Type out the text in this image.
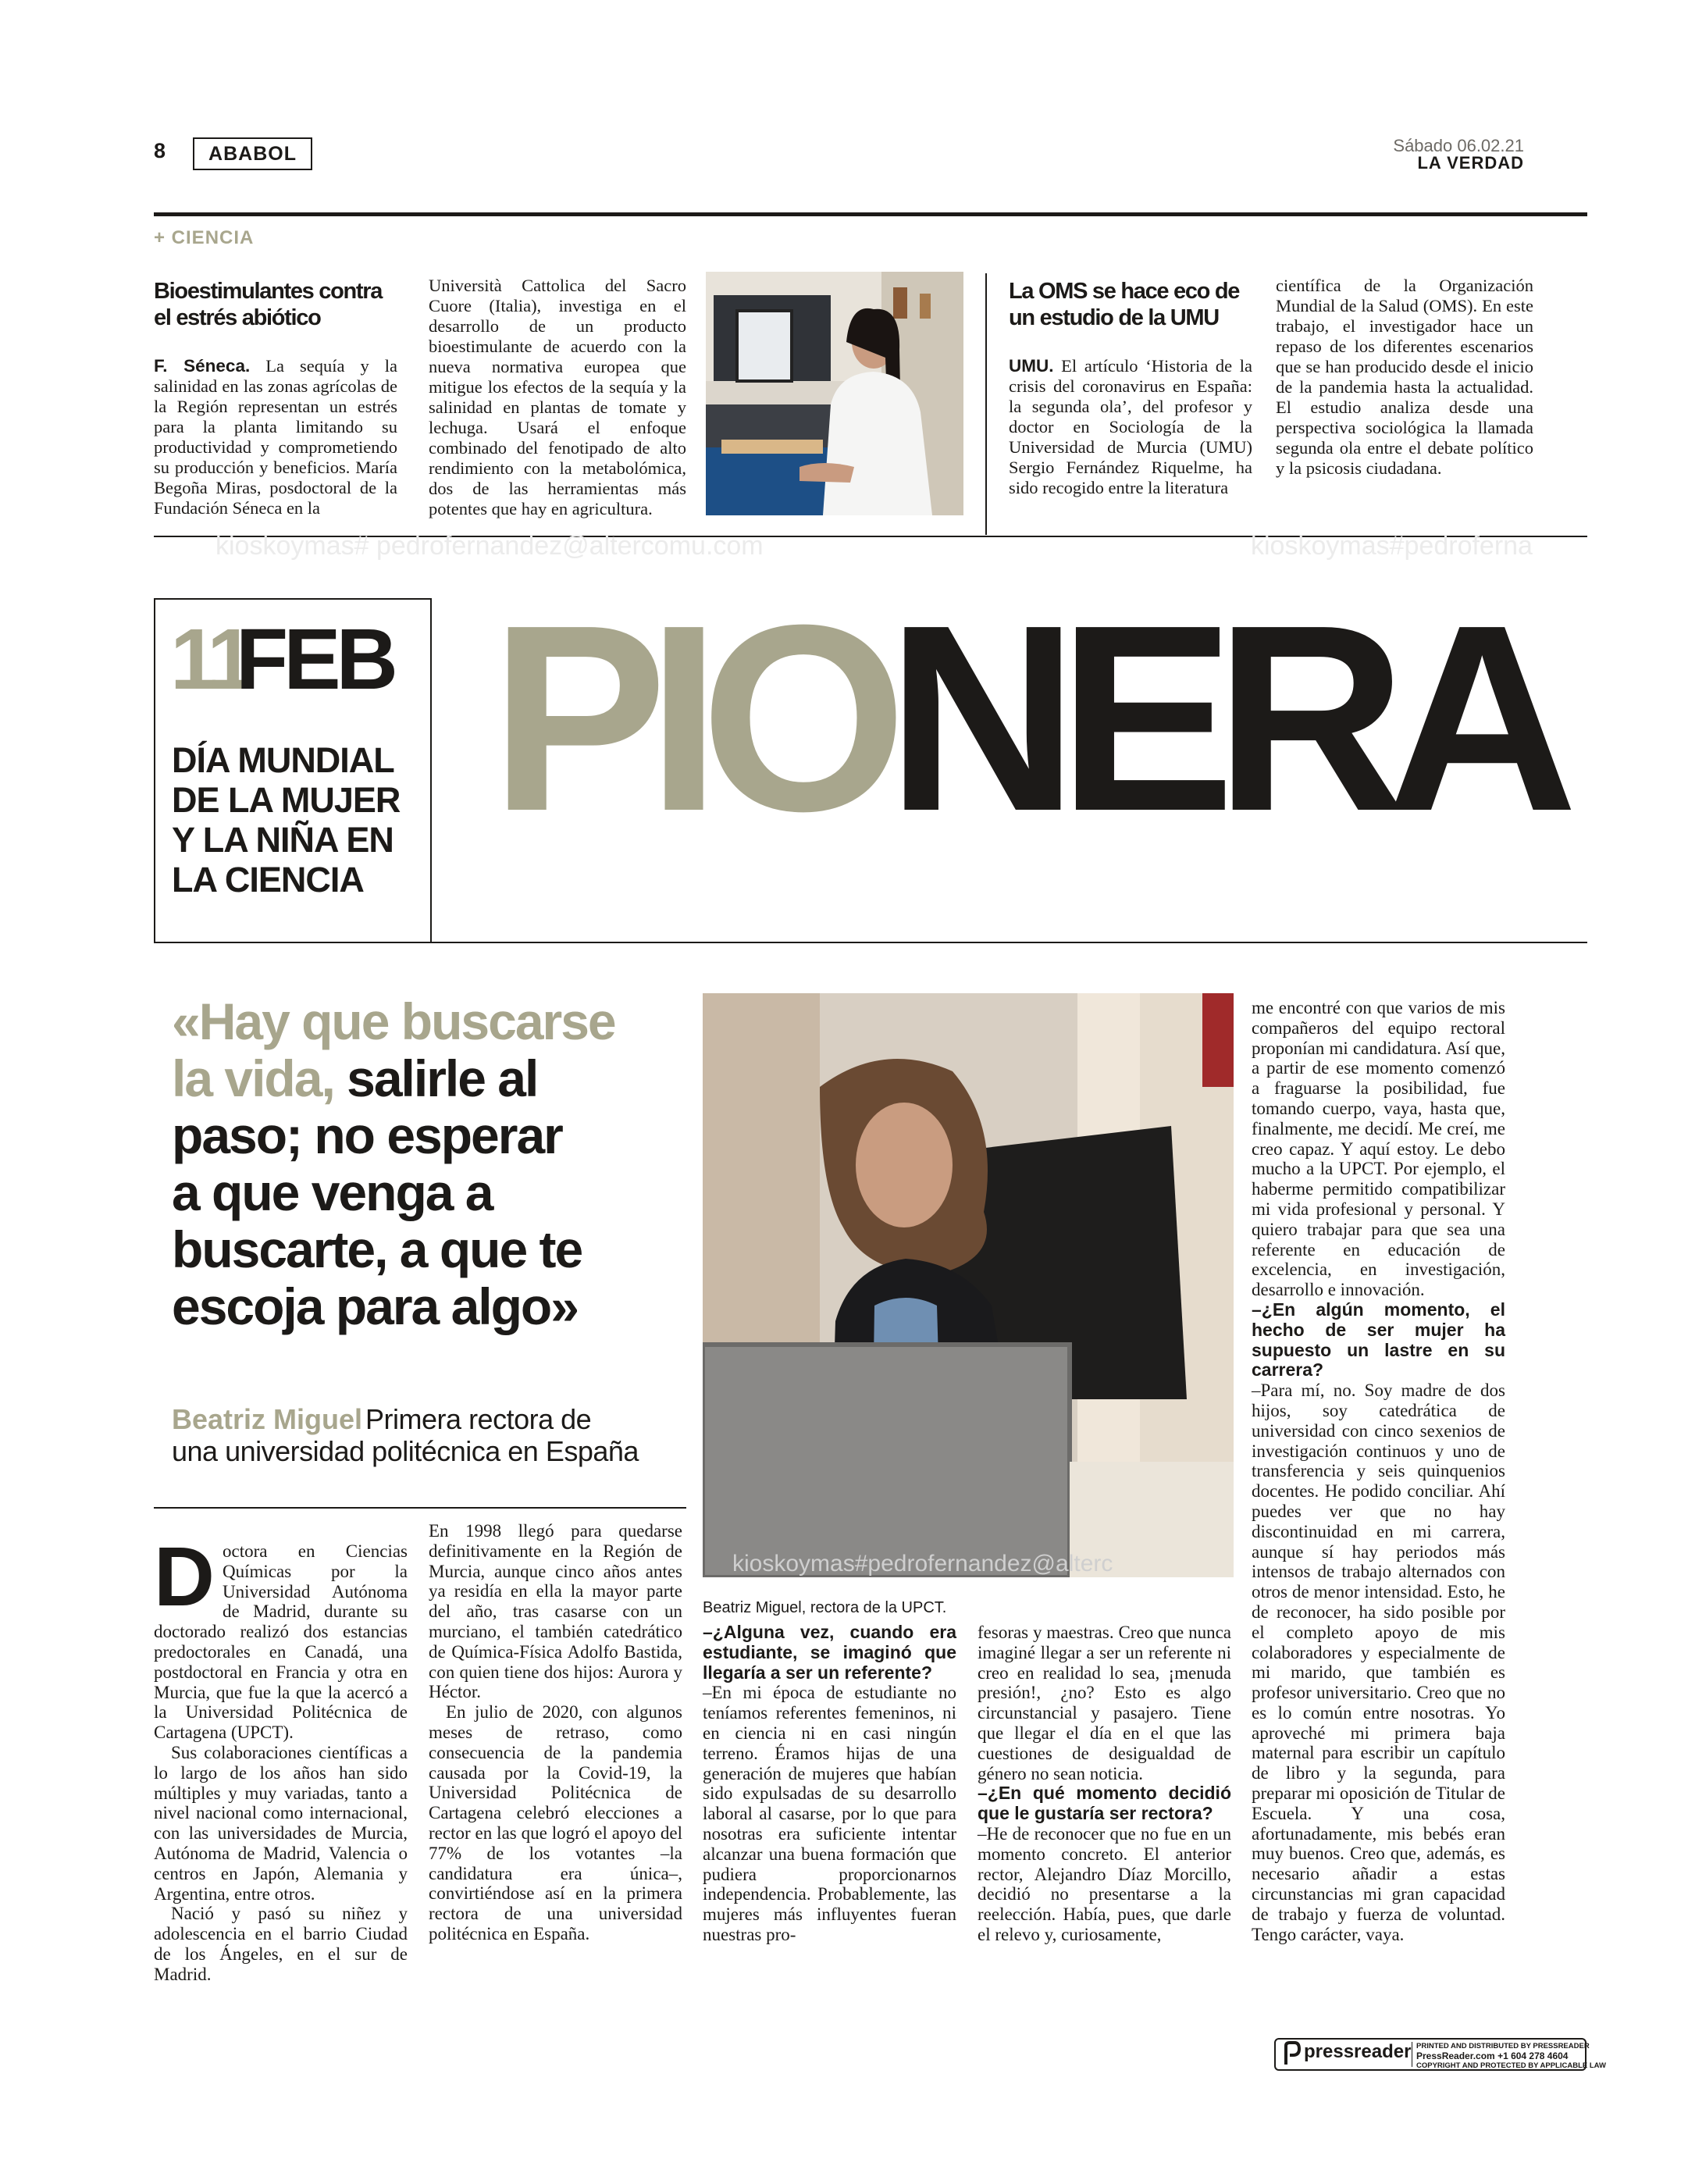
8	ABABOL	Sábado 06.02.21
LA VERDAD
+ CIENCIA
Bioestimulantes contra
el estrés abiótico
F. Séneca. La sequía y la salinidad en las zonas agrícolas de la Región representan un estrés para la planta limitando su productividad y comprometiendo su producción y beneficios. María Begoña Miras, posdoctoral de la Fundación Séneca en la
Università Cattolica del Sacro Cuore (Italia), investiga en el desarrollo de un producto bioestimulante de acuerdo con la nueva normativa europea que mitigue los efectos de la sequía y la salinidad en plantas de tomate y lechuga. Usará el enfoque combinado del fenotipado de alto rendimiento con la metabolómica, dos de las herramientas más potentes que hay en agricultura.
La OMS se hace eco de
un estudio de la UMU
UMU. El artículo ‘Historia de la crisis del coronavirus en España: la segunda ola’, del profesor y doctor en Sociología de la Universidad de Murcia (UMU) Sergio Fernández Riquelme, ha sido recogido entre la literatura
científica de la Organización Mundial de la Salud (OMS). En este trabajo, el investigador hace un repaso de los diferentes escenarios que se han producido desde el inicio de la pandemia hasta la actualidad. El estudio analiza desde una perspectiva sociológica la llamada segunda ola entre el debate político y la psicosis ciudadana.
kioskoymas# pedrofernandez@altercomu.com	kioskoymas#pedroferna
11
FEB
DÍA MUNDIAL
DE LA MUJER
Y LA NIÑA EN
LA CIENCIA
PIONERA
«Hay que buscarse
la vida, salirle al
paso; no esperar
a que venga a
buscarte, a que te
escoja para algo»
Beatriz Miguel Primera rectora de
una universidad politécnica en España
kioskoymas#pedrofernandez@alterc
Beatriz Miguel, rectora de la UPCT.

Doctora en Ciencias Químicas por la Universidad Autónoma de Madrid, durante su doctorado realizó dos estancias predoctorales en Canadá, una postdoctoral en Francia y otra en Murcia, que fue la que la acercó a la Universidad Politécnica de Cartagena (UPCT).

Sus colaboraciones científicas a lo largo de los años han sido múltiples y muy variadas, tanto a nivel nacional como internacional, con las universidades de Murcia, Autónoma de Madrid, Valencia o centros en Japón, Alemania y Argentina, entre otros.

Nació y pasó su niñez y adolescencia en el barrio Ciudad de los Ángeles, en el sur de Madrid.

En 1998 llegó para quedarse definitivamente en la Región de Murcia, aunque cinco años antes ya residía en ella la mayor parte del año, tras casarse con un murciano, el también catedrático de Química-Física Adolfo Bastida, con quien tiene dos hijos: Aurora y Héctor.

En julio de 2020, con algunos meses de retraso, como consecuencia de la pandemia causada por la Covid-19, la Universidad Politécnica de Cartagena celebró elecciones a rector en las que logró el apoyo del 77% de los votantes –la candidatura era única–, convirtiéndose así en la primera rectora de una universidad politécnica en España.

–¿Alguna vez, cuando era estudiante, se imaginó que llegaría a ser un referente?

–En mi época de estudiante no teníamos referentes femeninos, ni en ciencia ni en casi ningún terreno. Éramos hijas de una generación de mujeres que habían sido expulsadas de su desarrollo laboral al casarse, por lo que para nosotras era suficiente intentar alcanzar una buena formación que pudiera proporcionarnos independencia. Probablemente, las mujeres más influyentes fueran nuestras pro-

fesoras y maestras. Creo que nunca imaginé llegar a ser un referente ni creo en realidad lo sea, ¡menuda presión!, ¿no? Esto es algo circunstancial y pasajero. Tiene que llegar el día en el que las cuestiones de desigualdad de género no sean noticia.

–¿En qué momento decidió que le gustaría ser rectora?

–He de reconocer que no fue en un momento concreto. El anterior rector, Alejandro Díaz Morcillo, decidió no presentarse a la reelección. Había, pues, que darle el relevo y, curiosamente,

me encontré con que varios de mis compañeros del equipo rectoral proponían mi candidatura. Así que, a partir de ese momento comenzó a fraguarse la posibilidad, fue tomando cuerpo, vaya, hasta que, finalmente, me decidí. Me creí, me creo capaz. Y aquí estoy. Le debo mucho a la UPCT. Por ejemplo, el haberme permitido compatibilizar mi vida profesional y personal. Y quiero trabajar para que sea una referente en educación de excelencia, en investigación, desarrollo e innovación.

–¿En algún momento, el hecho de ser mujer ha supuesto un lastre en su carrera?

–Para mí, no. Soy madre de dos hijos, soy catedrática de universidad con cinco sexenios de investigación continuos y uno de transferencia y seis quinquenios docentes. He podido conciliar. Ahí puedes ver que no hay discontinuidad en mi carrera, aunque sí hay periodos más intensos de trabajo alternados con otros de menor intensidad. Esto, he de reconocer, ha sido posible por el completo apoyo de mis colaboradores y especialmente de mi marido, que también es profesor universitario. Creo que no es lo común entre nosotras. Yo aproveché mi primera baja maternal para escribir un capítulo de libro y la segunda, para preparar mi oposición de Titular de Escuela. Y una cosa, afortunadamente, mis bebés eran muy buenos. Creo que, además, es necesario añadir a estas circunstancias mi gran capacidad de trabajo y fuerza de voluntad. Tengo carácter, vaya.

pressreader PRINTED AND DISTRIBUTED BY PRESSREADER
PressReader.com +1 604 278 4604
COPYRIGHT AND PROTECTED BY APPLICABLE LAW
